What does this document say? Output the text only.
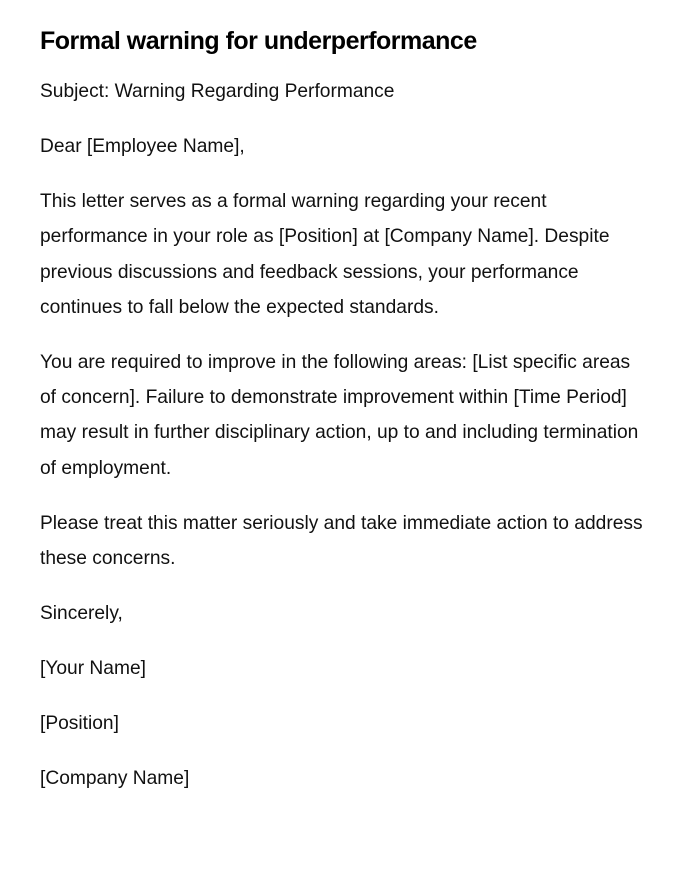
Formal warning for underperformance

Subject: Warning Regarding Performance

Dear [Employee Name],

This letter serves as a formal warning regarding your recent performance in your role as [Position] at [Company Name]. Despite previous discussions and feedback sessions, your performance continues to fall below the expected standards.

You are required to improve in the following areas: [List specific areas of concern]. Failure to demonstrate improvement within [Time Period] may result in further disciplinary action, up to and including termination of employment.

Please treat this matter seriously and take immediate action to address these concerns.

Sincerely,

[Your Name]

[Position]

[Company Name]
